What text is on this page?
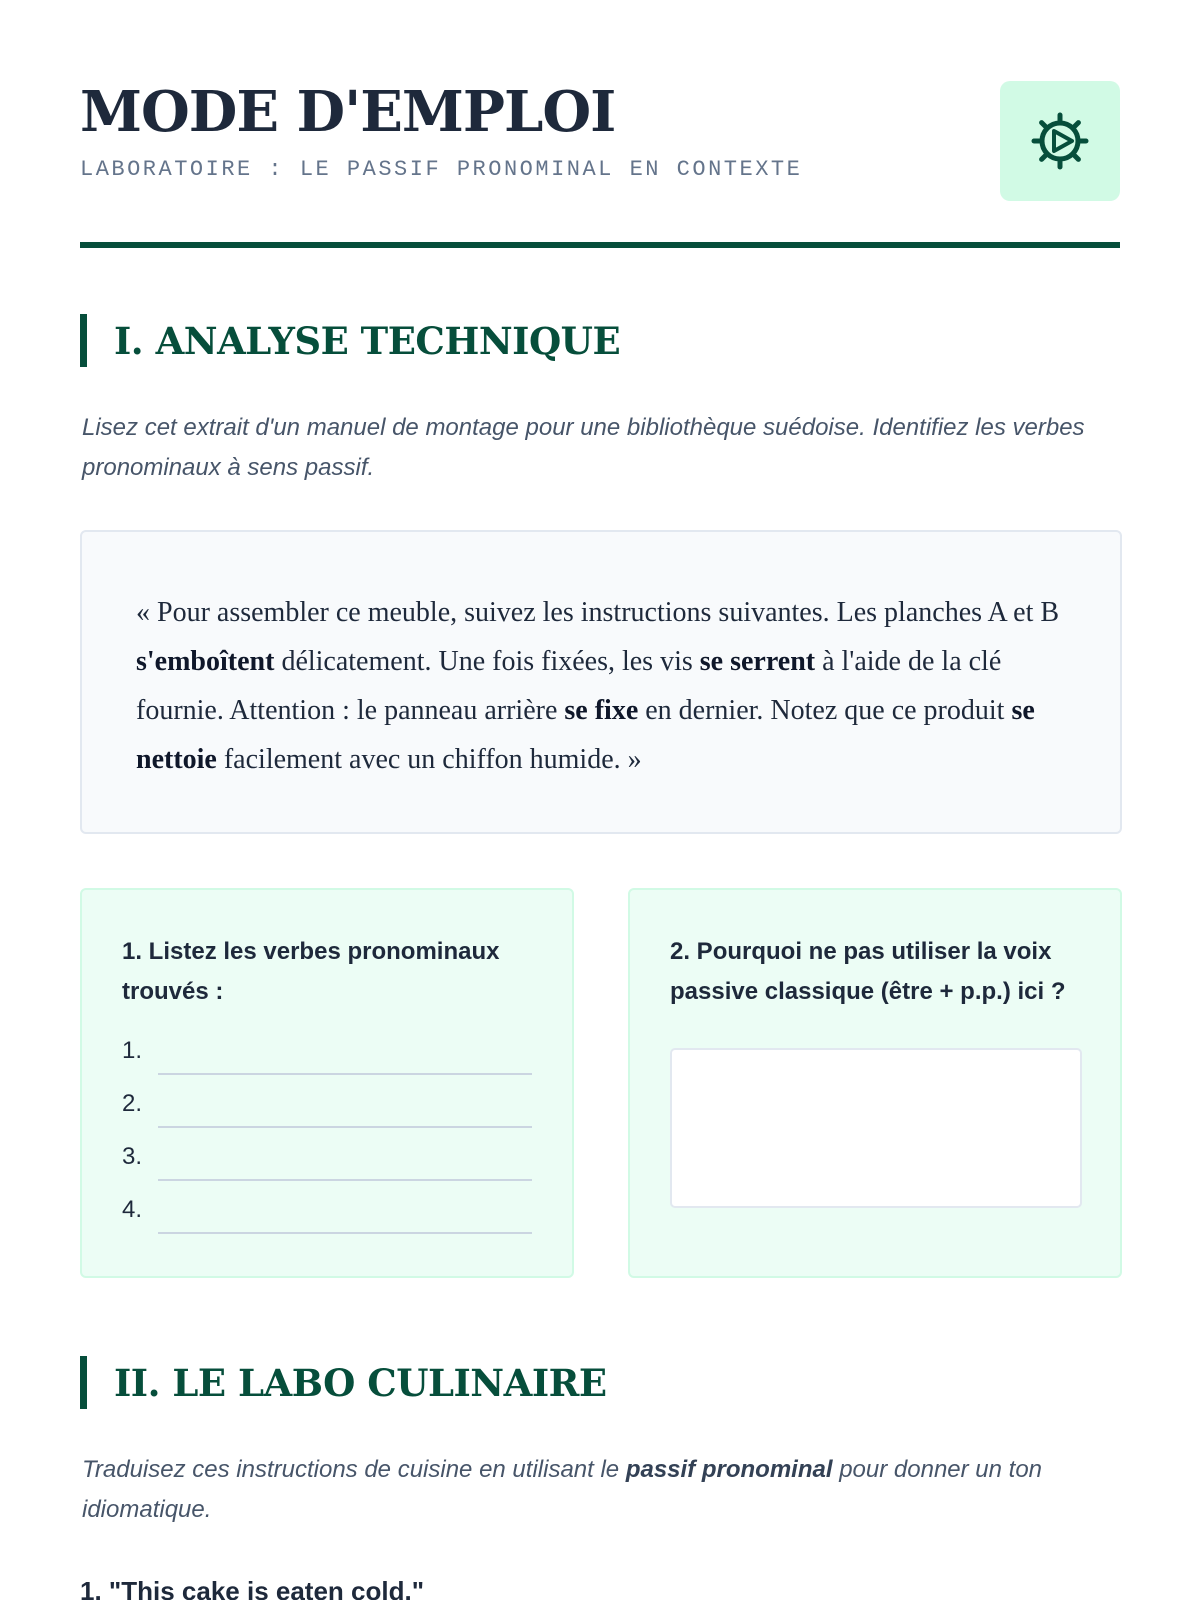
MODE D'EMPLOI
LABORATOIRE : LE PASSIF PRONOMINAL EN CONTEXTE
I. ANALYSE TECHNIQUE

Lisez cet extrait d'un manuel de montage pour une bibliothèque suédoise. Identifiez les verbes pronominaux à sens passif.

« Pour assembler ce meuble, suivez les instructions suivantes. Les planches A et B s'emboîtent délicatement. Une fois fixées, les vis se serrent à l'aide de la clé fournie. Attention : le panneau arrière se fixe en dernier. Notez que ce produit se nettoie facilement avec un chiffon humide. »
1. Listez les verbes pronominaux trouvés :
1.
2.
3.
4.
2. Pourquoi ne pas utiliser la voix passive classique (être + p.p.) ici ?
II. LE LABO CULINAIRE

Traduisez ces instructions de cuisine en utilisant le passif pronominal pour donner un ton idiomatique.

1. "This cake is eaten cold."
